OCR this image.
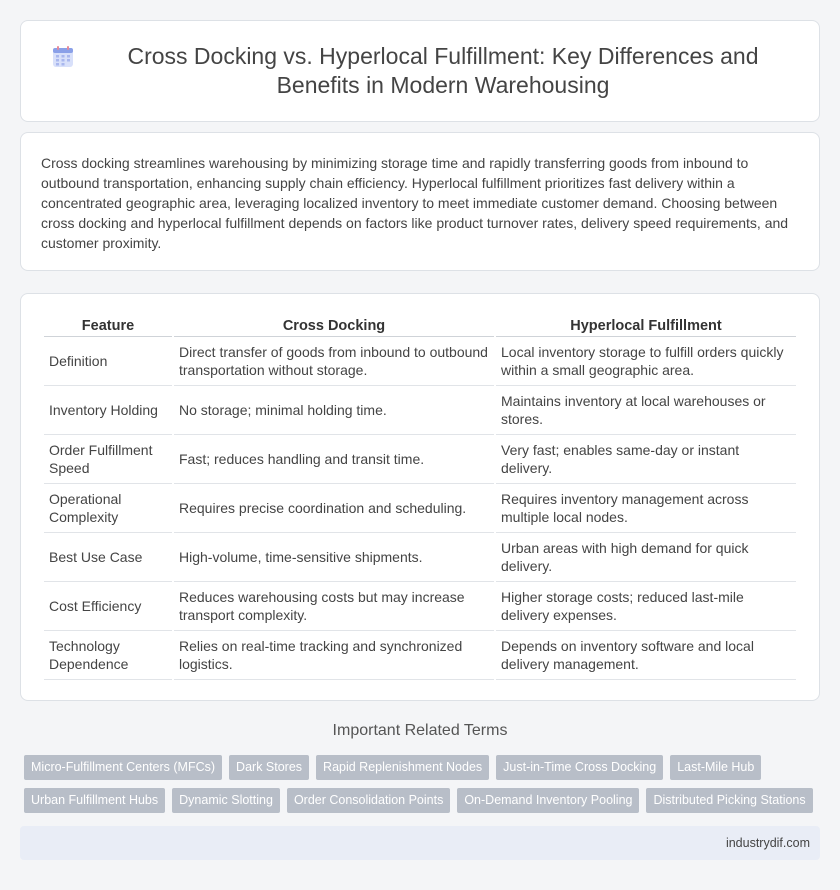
Cross Docking vs. Hyperlocal Fulfillment: Key Differences and Benefits in Modern Warehousing

Cross docking streamlines warehousing by minimizing storage time and rapidly transferring goods from inbound to outbound transportation, enhancing supply chain efficiency. Hyperlocal fulfillment prioritizes fast delivery within a concentrated geographic area, leveraging localized inventory to meet immediate customer demand. Choosing between cross docking and hyperlocal fulfillment depends on factors like product turnover rates, delivery speed requirements, and customer proximity.

Feature	Cross Docking	Hyperlocal Fulfillment
Definition	Direct transfer of goods from inbound to outbound transportation without storage.	Local inventory storage to fulfill orders quickly within a small geographic area.
Inventory Holding	No storage; minimal holding time.	Maintains inventory at local warehouses or stores.
Order Fulfillment Speed	Fast; reduces handling and transit time.	Very fast; enables same-day or instant delivery.
Operational Complexity	Requires precise coordination and scheduling.	Requires inventory management across multiple local nodes.
Best Use Case	High-volume, time-sensitive shipments.	Urban areas with high demand for quick delivery.
Cost Efficiency	Reduces warehousing costs but may increase transport complexity.	Higher storage costs; reduced last-mile delivery expenses.
Technology Dependence	Relies on real-time tracking and synchronized logistics.	Depends on inventory software and local delivery management.
Important Related Terms
Micro-Fulfillment Centers (MFCs)	Dark Stores	Rapid Replenishment Nodes	Just-in-Time Cross Docking	Last-Mile Hub
Urban Fulfillment Hubs	Dynamic Slotting	Order Consolidation Points	On-Demand Inventory Pooling	Distributed Picking Stations
industrydif.com
